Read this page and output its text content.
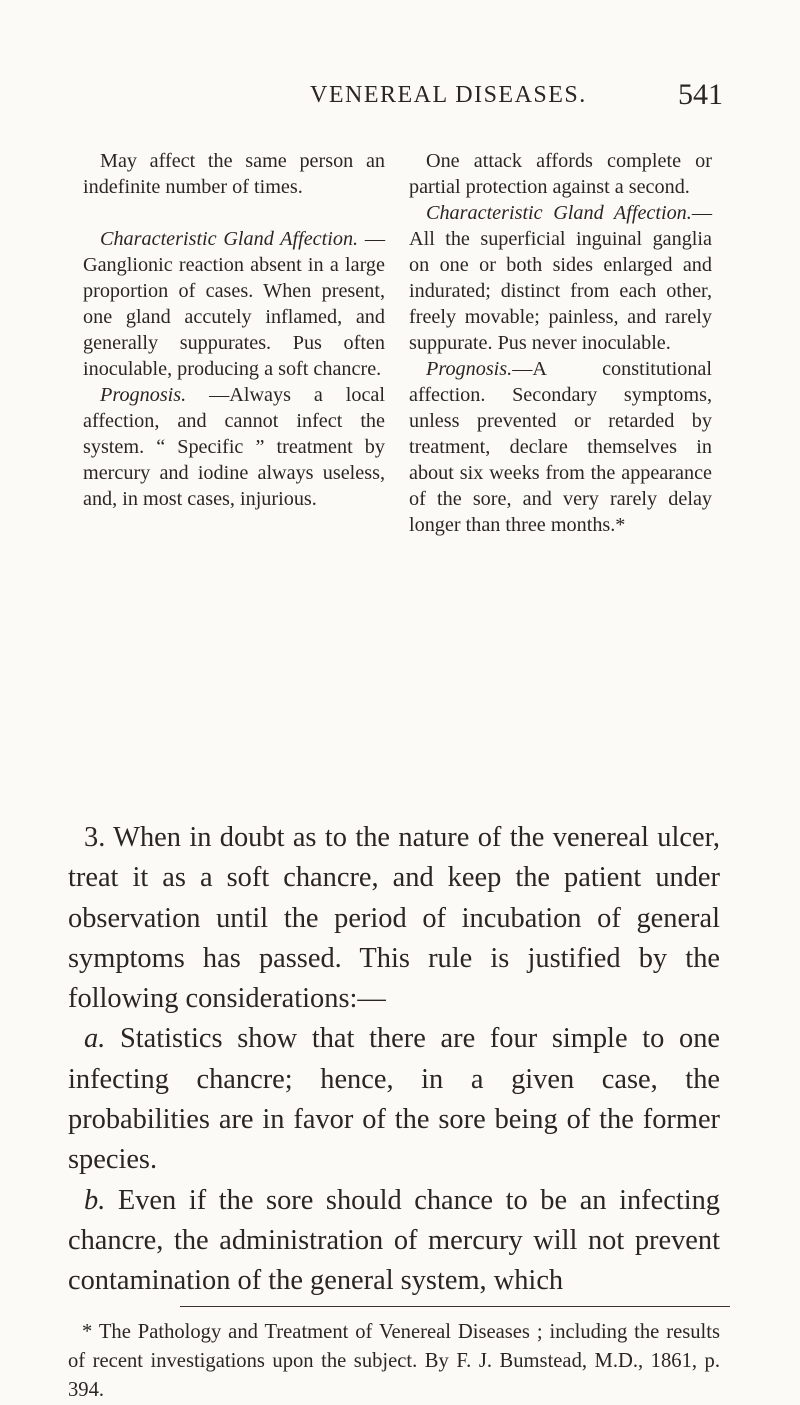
VENEREAL DISEASES.	541

May affect the same person an indefinite number of times.

Characteristic Gland Affection. — Ganglionic reaction absent in a large proportion of cases. When present, one gland accutely inflamed, and generally suppurates. Pus often inoculable, producing a soft chancre.

Prognosis. —Always a local affection, and cannot infect the system. “ Specific ” treatment by mercury and iodine always useless, and, in most cases, injurious.

One attack affords complete or partial protection against a second.

Characteristic Gland Affection.—All the superficial inguinal ganglia on one or both sides enlarged and indurated; distinct from each other, freely movable; painless, and rarely suppurate. Pus never inoculable.

Prognosis.—A constitutional affection. Secondary symptoms, unless prevented or retarded by treatment, declare themselves in about six weeks from the appearance of the sore, and very rarely delay longer than three months.*

3. When in doubt as to the nature of the venereal ulcer, treat it as a soft chancre, and keep the patient under observation until the period of incubation of general symptoms has passed. This rule is justified by the following considerations:—

a. Statistics show that there are four simple to one infecting chancre; hence, in a given case, the probabilities are in favor of the sore being of the former species.

b. Even if the sore should chance to be an infecting chancre, the administration of mercury will not prevent contamination of the general system, which

* The Pathology and Treatment of Venereal Diseases ; including the results of recent investigations upon the subject. By F. J. Bumstead, M.D., 1861, p. 394.
